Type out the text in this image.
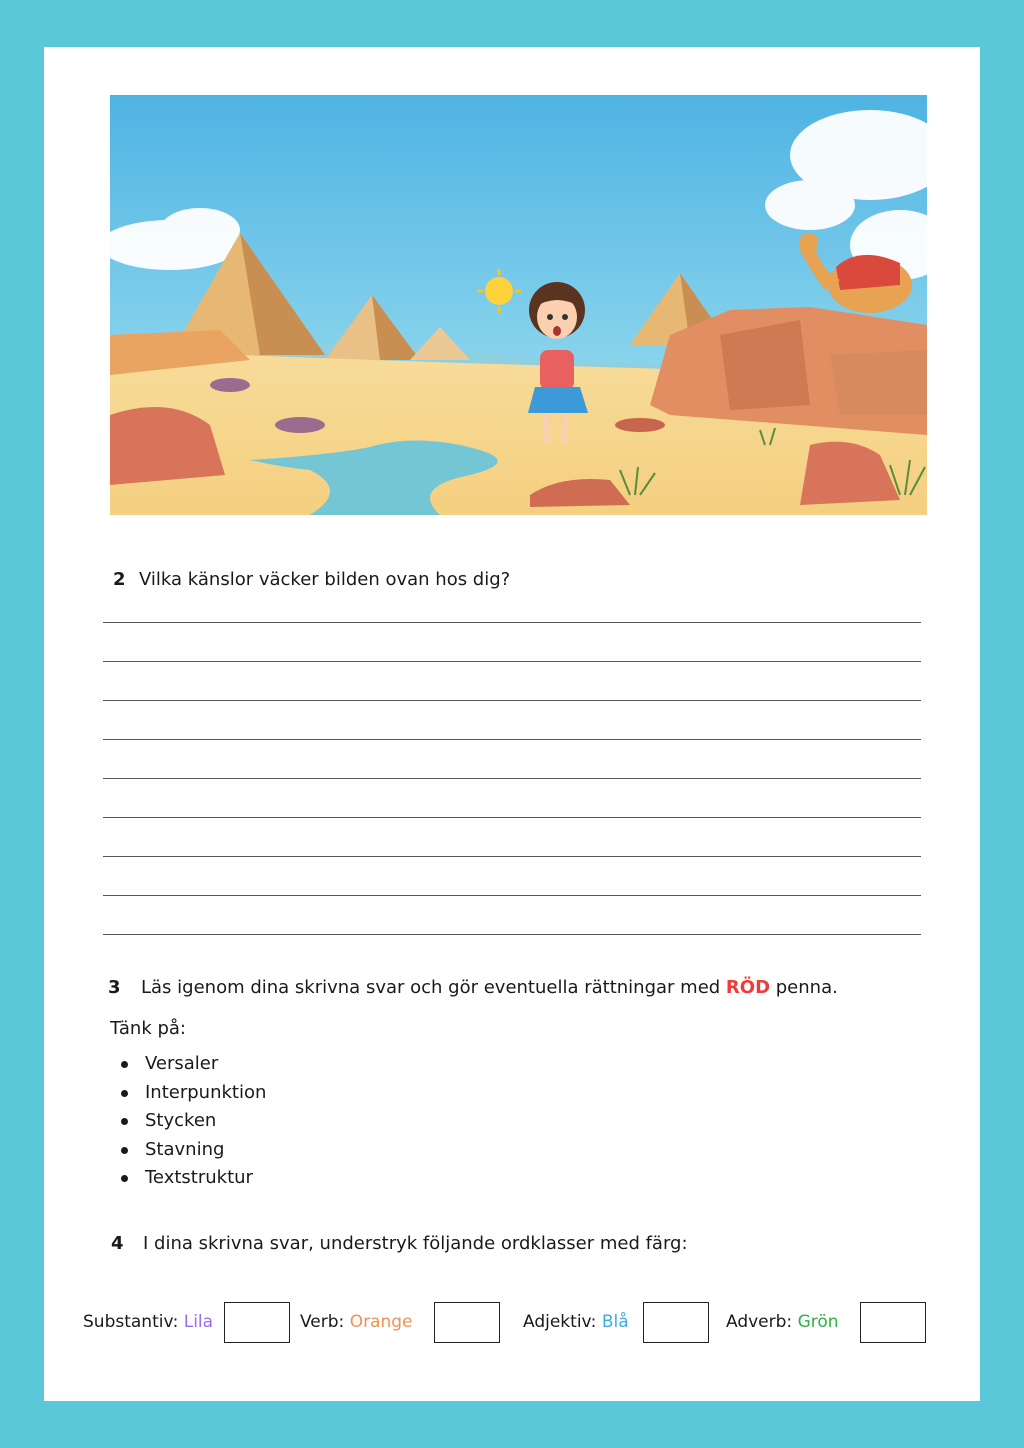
2 Vilka känslor väcker bilden ovan hos dig?
3 Läs igenom dina skrivna svar och gör eventuella rättningar med RÖD penna.
Tänk på:
Versaler
Interpunktion
Stycken
Stavning
Textstruktur
4 I dina skrivna svar, understryk följande ordklasser med färg:
Substantiv: Lila	Verb: Orange	Adjektiv: Blå	Adverb: Grön
